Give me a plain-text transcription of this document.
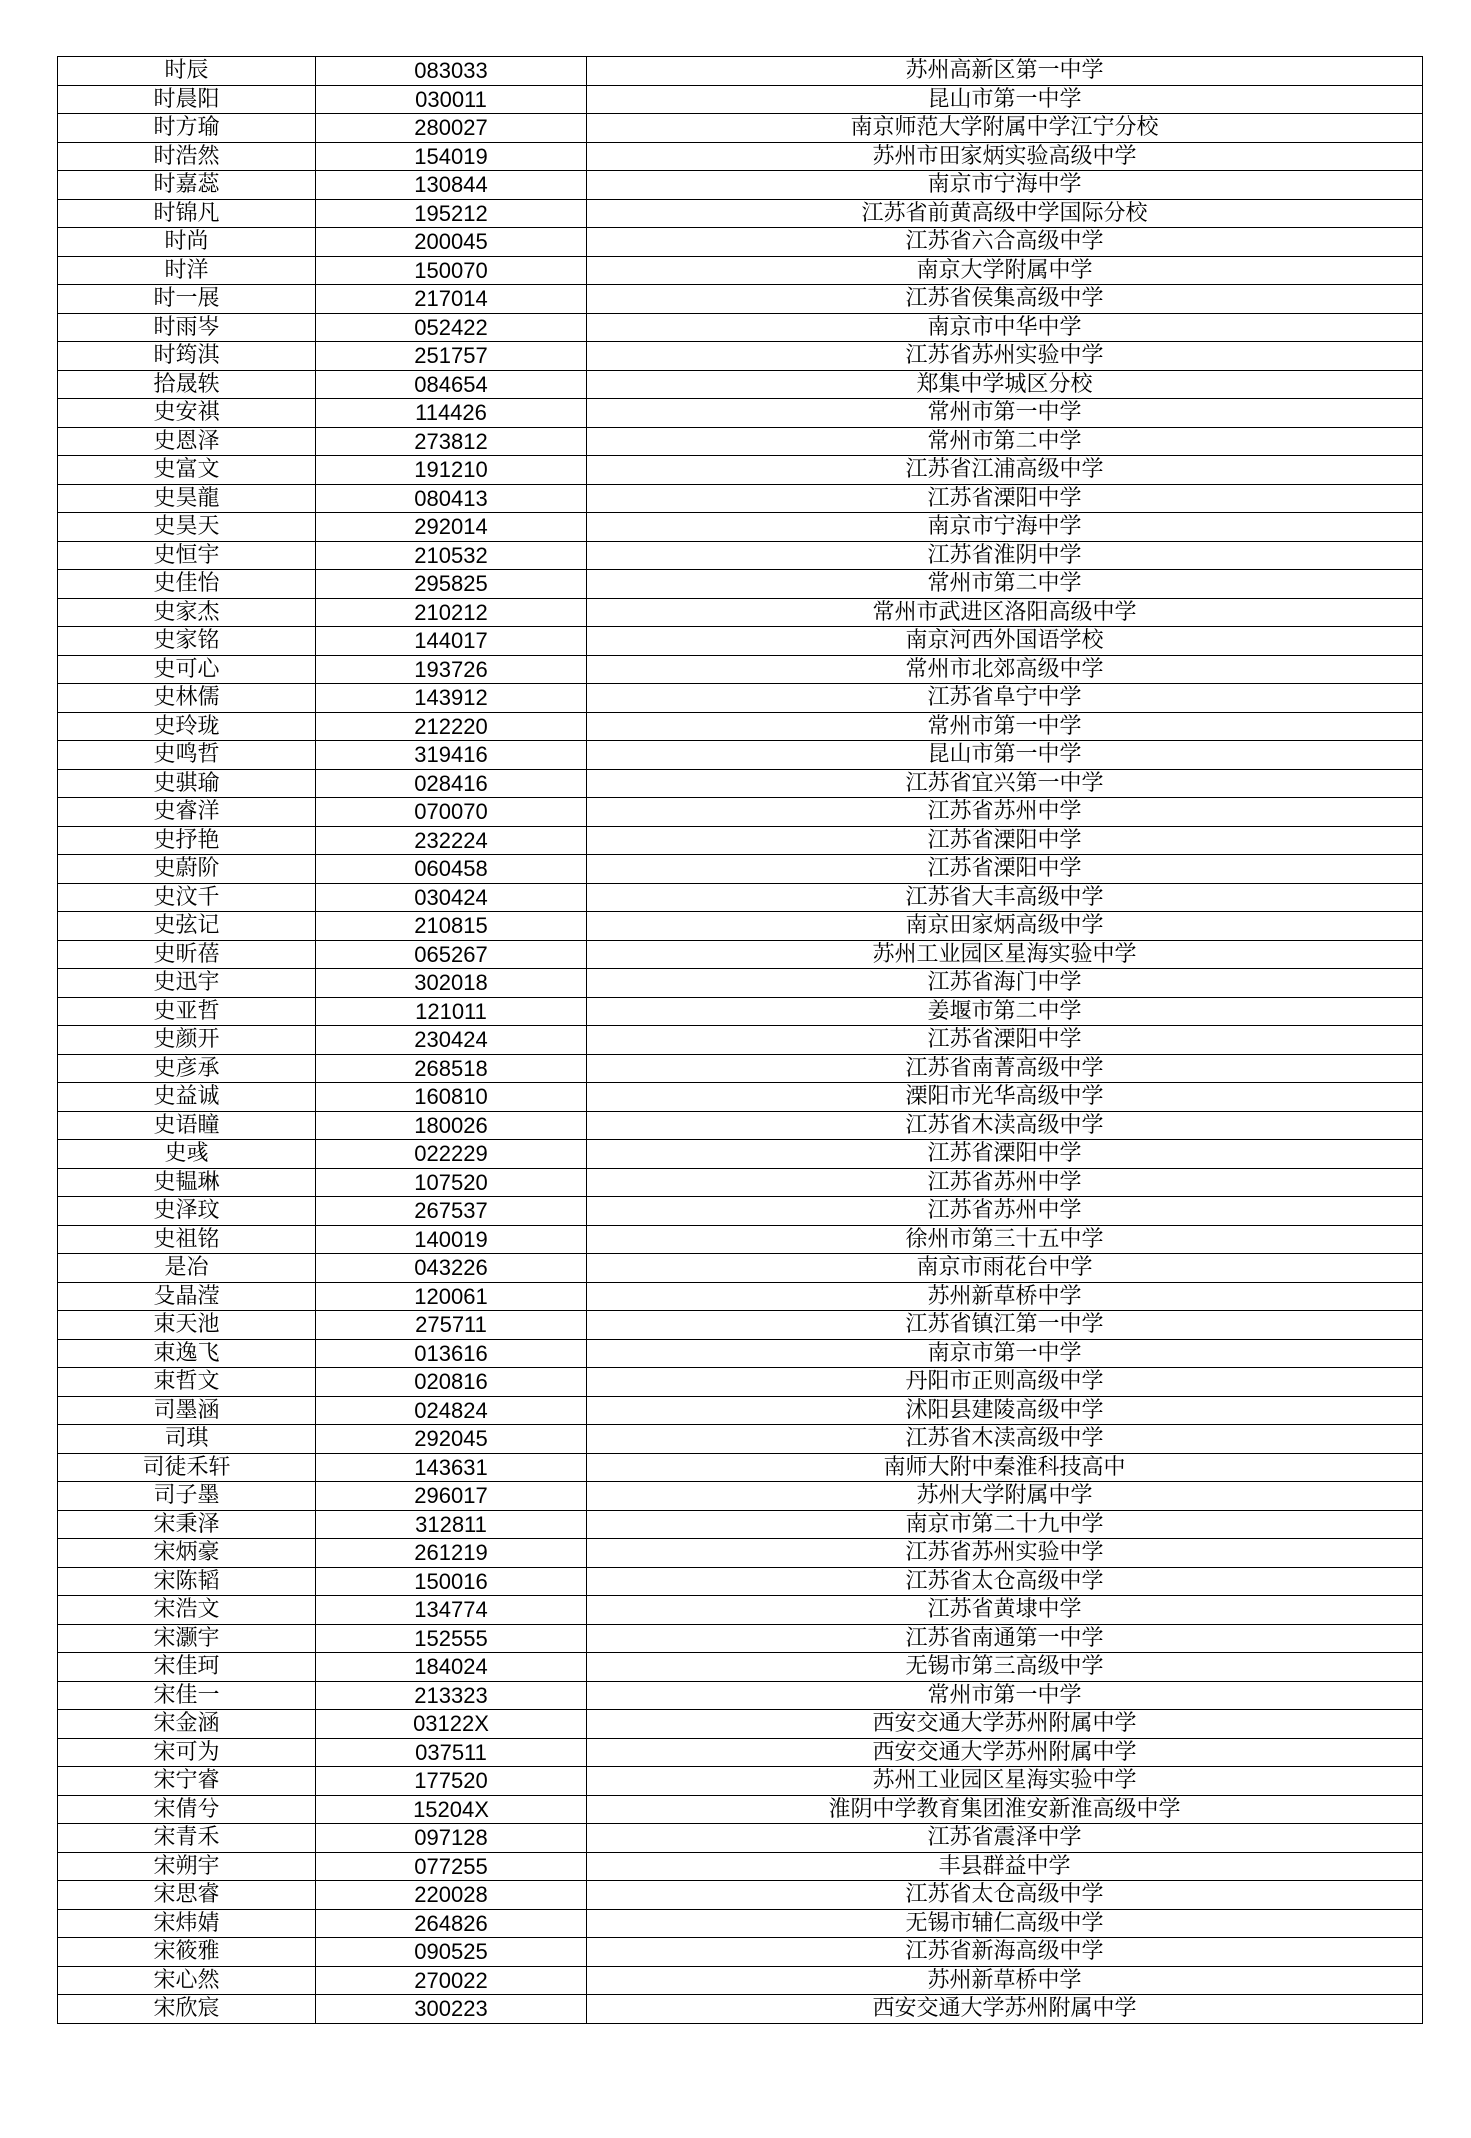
时辰	083033	苏州高新区第一中学
时晨阳	030011	昆山市第一中学
时方瑜	280027	南京师范大学附属中学江宁分校
时浩然	154019	苏州市田家炳实验高级中学
时嘉蕊	130844	南京市宁海中学
时锦凡	195212	江苏省前黄高级中学国际分校
时尚	200045	江苏省六合高级中学
时洋	150070	南京大学附属中学
时一展	217014	江苏省侯集高级中学
时雨岑	052422	南京市中华中学
时筠淇	251757	江苏省苏州实验中学
拾晟轶	084654	郑集中学城区分校
史安祺	114426	常州市第一中学
史恩泽	273812	常州市第二中学
史富文	191210	江苏省江浦高级中学
史昊龍	080413	江苏省溧阳中学
史昊天	292014	南京市宁海中学
史恒宇	210532	江苏省淮阴中学
史佳怡	295825	常州市第二中学
史家杰	210212	常州市武进区洛阳高级中学
史家铭	144017	南京河西外国语学校
史可心	193726	常州市北郊高级中学
史林儒	143912	江苏省阜宁中学
史玲珑	212220	常州市第一中学
史鸣哲	319416	昆山市第一中学
史骐瑜	028416	江苏省宜兴第一中学
史睿洋	070070	江苏省苏州中学
史抒艳	232224	江苏省溧阳中学
史蔚阶	060458	江苏省溧阳中学
史汶千	030424	江苏省大丰高级中学
史弦记	210815	南京田家炳高级中学
史昕蓓	065267	苏州工业园区星海实验中学
史迅宇	302018	江苏省海门中学
史亚哲	121011	姜堰市第二中学
史颜开	230424	江苏省溧阳中学
史彦承	268518	江苏省南菁高级中学
史益诚	160810	溧阳市光华高级中学
史语瞳	180026	江苏省木渎高级中学
史彧	022229	江苏省溧阳中学
史韫琳	107520	江苏省苏州中学
史泽玟	267537	江苏省苏州中学
史祖铭	140019	徐州市第三十五中学
是冶	043226	南京市雨花台中学
殳晶滢	120061	苏州新草桥中学
束天池	275711	江苏省镇江第一中学
束逸飞	013616	南京市第一中学
束哲文	020816	丹阳市正则高级中学
司墨涵	024824	沭阳县建陵高级中学
司琪	292045	江苏省木渎高级中学
司徒禾轩	143631	南师大附中秦淮科技高中
司子墨	296017	苏州大学附属中学
宋秉泽	312811	南京市第二十九中学
宋炳豪	261219	江苏省苏州实验中学
宋陈韬	150016	江苏省太仓高级中学
宋浩文	134774	江苏省黄埭中学
宋灏宇	152555	江苏省南通第一中学
宋佳珂	184024	无锡市第三高级中学
宋佳一	213323	常州市第一中学
宋金涵	03122X	西安交通大学苏州附属中学
宋可为	037511	西安交通大学苏州附属中学
宋宁睿	177520	苏州工业园区星海实验中学
宋倩兮	15204X	淮阴中学教育集团淮安新淮高级中学
宋青禾	097128	江苏省震泽中学
宋朔宇	077255	丰县群益中学
宋思睿	220028	江苏省太仓高级中学
宋炜婧	264826	无锡市辅仁高级中学
宋筱雅	090525	江苏省新海高级中学
宋心然	270022	苏州新草桥中学
宋欣宸	300223	西安交通大学苏州附属中学
